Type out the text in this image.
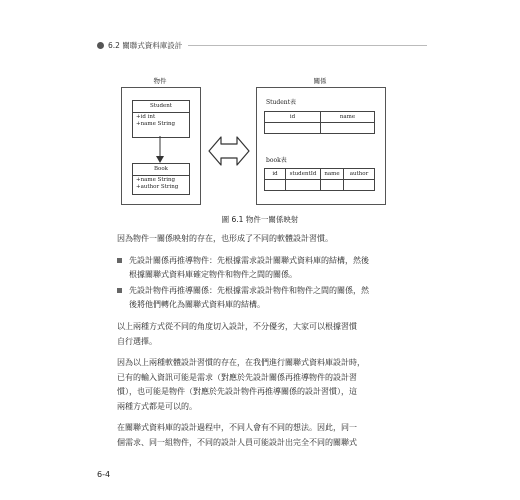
6.2 關聯式資料庫設計
物件	關係
Student
+id int
+name String
Book
+name String
+author String
Student表
id	name

book表
id	studentId	name	author

圖 6.1 物件一關係映射
因為物件一關係映射的存在，也形成了不同的軟體設計習慣。
先設計關係再推導物件：先根據需求設計關聯式資料庫的結構，然後
根據關聯式資料庫確定物件和物件之間的關係。
先設計物件再推導關係：先根據需求設計物件和物件之間的關係，然
後將他們轉化為關聯式資料庫的結構。
以上兩種方式從不同的角度切入設計，不分優劣，大家可以根據習慣
自行選擇。
因為以上兩種軟體設計習慣的存在，在我們進行關聯式資料庫設計時，
已有的輸入資訊可能是需求（對應於先設計關係再推導物件的設計習
慣），也可能是物件（對應於先設計物件再推導關係的設計習慣），這
兩種方式都是可以的。
在關聯式資料庫的設計過程中，不同人會有不同的想法。因此，同一
個需求、同一組物件，不同的設計人員可能設計出完全不同的關聯式
6-4
